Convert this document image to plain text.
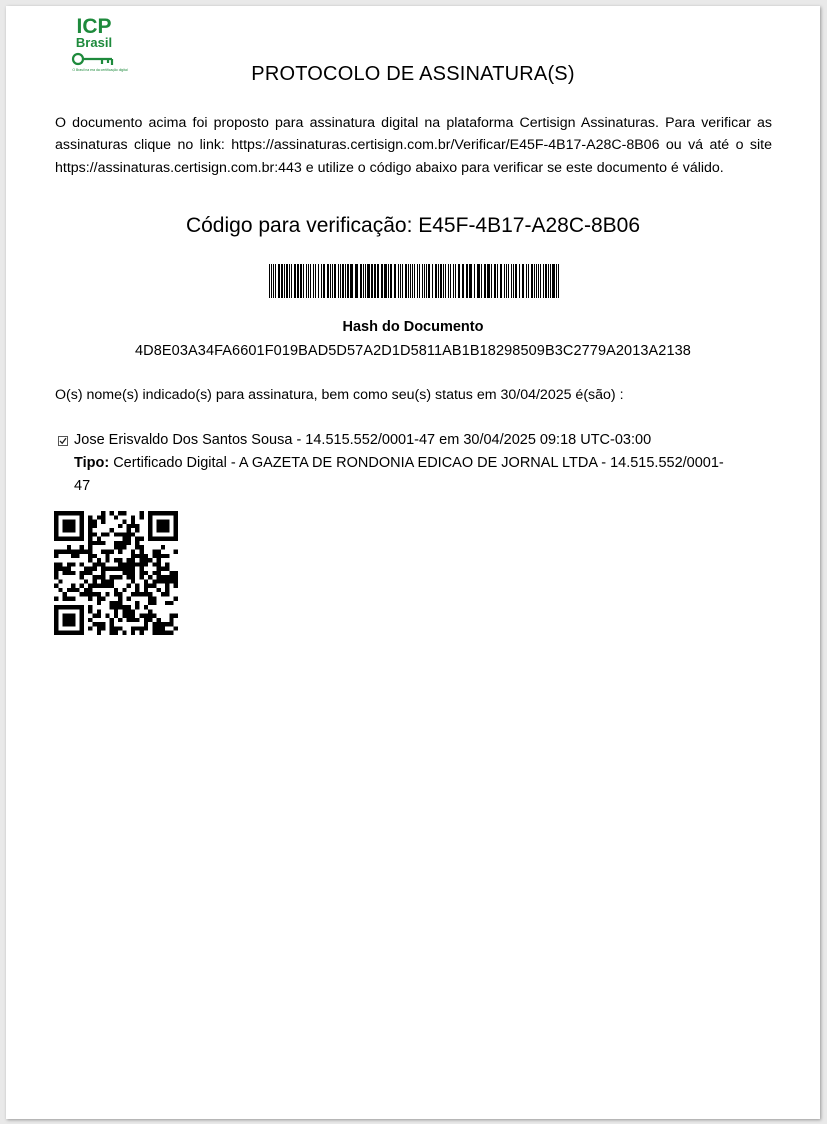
ICP
Brasil
O Brasil na era da certificação digital	PROTOCOLO DE ASSINATURA(S)
O documento acima foi proposto para assinatura digital na plataforma Certisign Assinaturas. Para verificar as assinaturas clique no link: https://assinaturas.certisign.com.br/Verificar/E45F-4B17-A28C-8B06 ou vá até o site https://assinaturas.certisign.com.br:443 e utilize o código abaixo para verificar se este documento é válido.
Código para verificação: E45F-4B17-A28C-8B06
Hash do Documento
4D8E03A34FA6601F019BAD5D57A2D1D5811AB1B18298509B3C2779A2013A2138
O(s) nome(s) indicado(s) para assinatura, bem como seu(s) status em 30/04/2025 é(são) :
Jose Erisvaldo Dos Santos Sousa - 14.515.552/0001-47 em 30/04/2025 09:18 UTC-03:00
Tipo: Certificado Digital - A GAZETA DE RONDONIA EDICAO DE JORNAL LTDA - 14.515.552/0001-47
